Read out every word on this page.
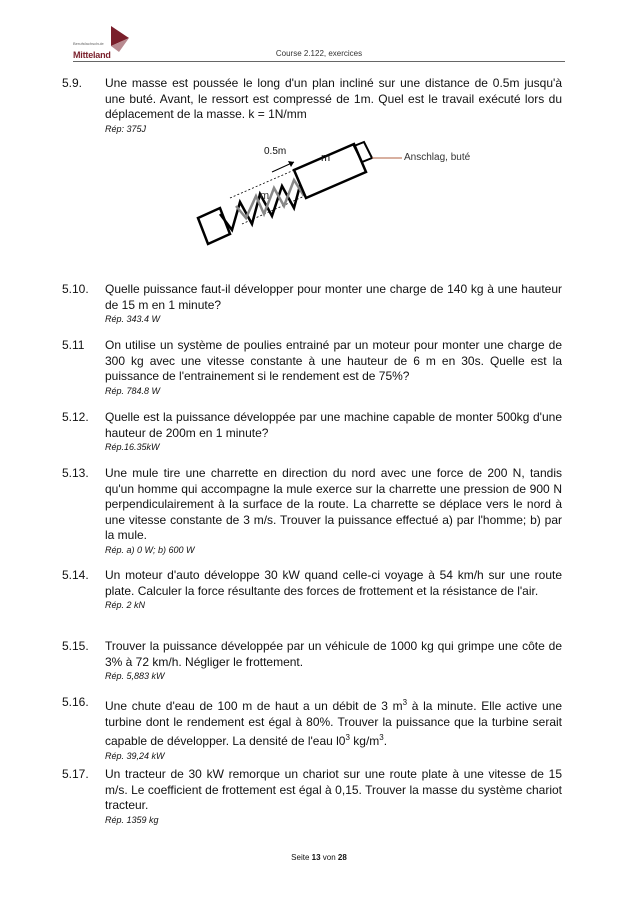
Berufsfachschule
Mitteland	Course 2.122, exercices
5.9. Une masse est poussée le long d'un plan incliné sur une distance de 0.5m jusqu'à une buté. Avant, le ressort est compressé de 1m. Quel est le travail exécuté lors du déplacement de la masse. k = 1N/mm
Rép: 375J
0.5m
m
m
Anschlag, buté
5.10. Quelle puissance faut-il développer pour monter une charge de 140 kg à une hauteur de 15 m en 1 minute?
Rép. 343.4 W
5.11 On utilise un système de poulies entrainé par un moteur pour monter une charge de 300 kg avec une vitesse constante à une hauteur de 6 m en 30s. Quelle est la puissance de l'entrainement si le rendement est de 75%?
Rép. 784.8 W
5.12. Quelle est la puissance développée par une machine capable de monter 500kg d'une hauteur de 200m en 1 minute?
Rép.16.35kW
5.13. Une mule tire une charrette en direction du nord avec une force de 200 N, tandis qu'un homme qui accompagne la mule exerce sur la charrette une pression de 900 N perpendiculairement à la surface de la route. La charrette se déplace vers le nord à une vitesse constante de 3 m/s. Trouver la puissance effectué a) par l'homme; b) par la mule.
Rép. a) 0 W; b) 600 W
5.14. Un moteur d'auto développe 30 kW quand celle-ci voyage à 54 km/h sur une route plate. Calculer la force résultante des forces de frottement et la résistance de l'air.
Rép. 2 kN
5.15. Trouver la puissance développée par un véhicule de 1000 kg qui grimpe une côte de 3% à 72 km/h. Négliger le frottement.
Rép. 5,883 kW
5.16. Une chute d'eau de 100 m de haut a un débit de 3 $m^3$ à la minute. Elle active une turbine dont le rendement est égal à 80%. Trouver la puissance que la turbine serait capable de développer. La densité de l'eau $l0^3$ $kg/m^3$.
Rép. 39,24 kW
5.17. Un tracteur de 30 kW remorque un chariot sur une route plate à une vitesse de 15 m/s. Le coefficient de frottement est égal à 0,15. Trouver la masse du système chariot tracteur.
Rép. 1359 kg
Seite 13 von 28
